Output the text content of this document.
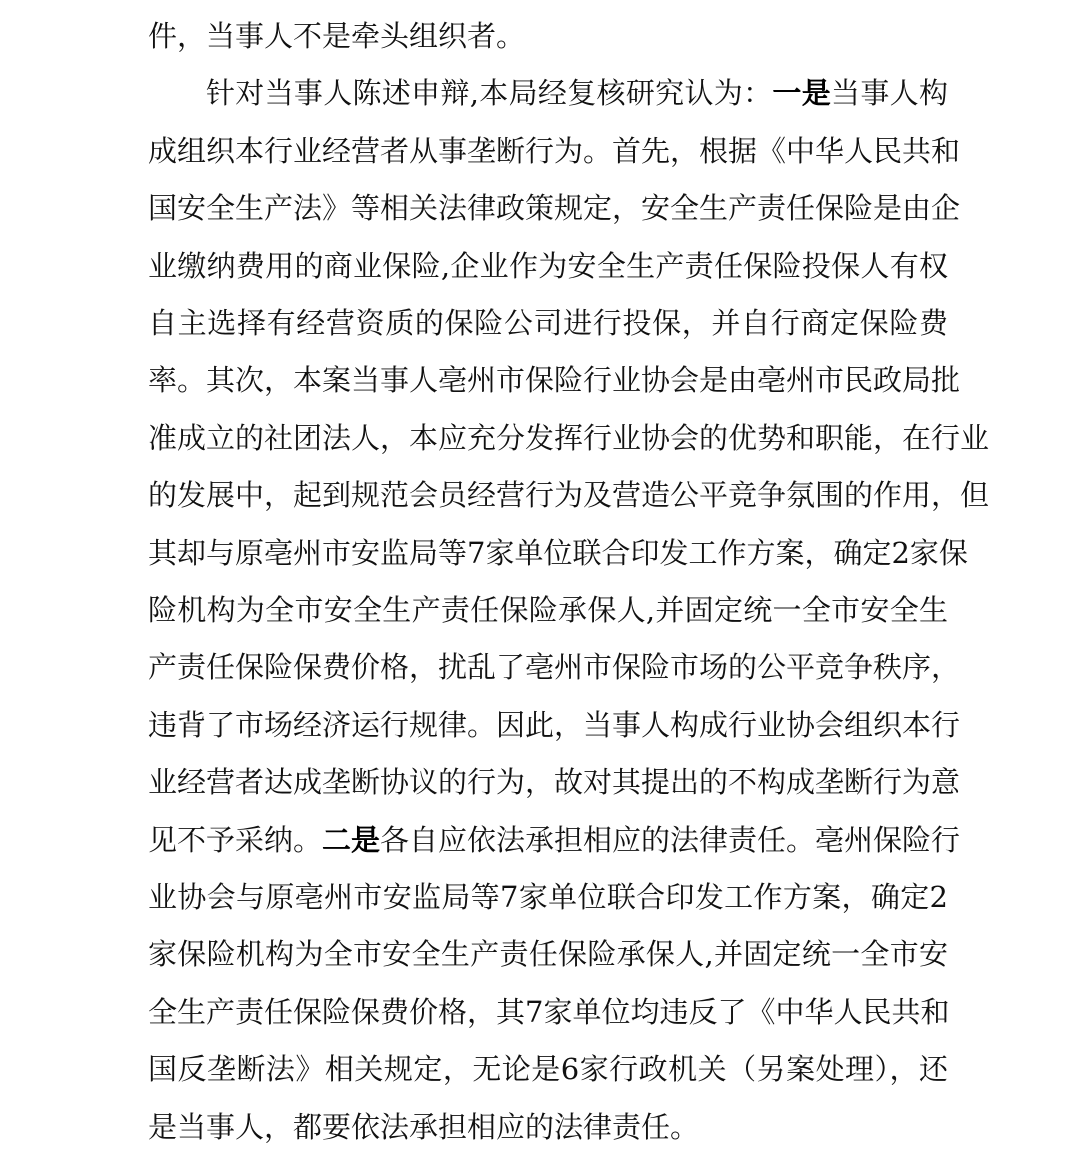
件，当事人不是牵头组织者。
针对当事人陈述申辩,本局经复核研究认为：一是当事人构
成组织本行业经营者从事垄断行为。首先，根据《中华人民共和
国安全生产法》等相关法律政策规定，安全生产责任保险是由企
业缴纳费用的商业保险,企业作为安全生产责任保险投保人有权
自主选择有经营资质的保险公司进行投保，并自行商定保险费
率。其次，本案当事人亳州市保险行业协会是由亳州市民政局批
准成立的社团法人，本应充分发挥行业协会的优势和职能，在行业
的发展中，起到规范会员经营行为及营造公平竞争氛围的作用，但
其却与原亳州市安监局等7家单位联合印发工作方案，确定2家保
险机构为全市安全生产责任保险承保人,并固定统一全市安全生
产责任保险保费价格，扰乱了亳州市保险市场的公平竞争秩序，
违背了市场经济运行规律。因此，当事人构成行业协会组织本行
业经营者达成垄断协议的行为，故对其提出的不构成垄断行为意
见不予采纳。二是各自应依法承担相应的法律责任。亳州保险行
业协会与原亳州市安监局等7家单位联合印发工作方案，确定2
家保险机构为全市安全生产责任保险承保人,并固定统一全市安
全生产责任保险保费价格，其7家单位均违反了《中华人民共和
国反垄断法》相关规定，无论是6家行政机关（另案处理），还
是当事人，都要依法承担相应的法律责任。
